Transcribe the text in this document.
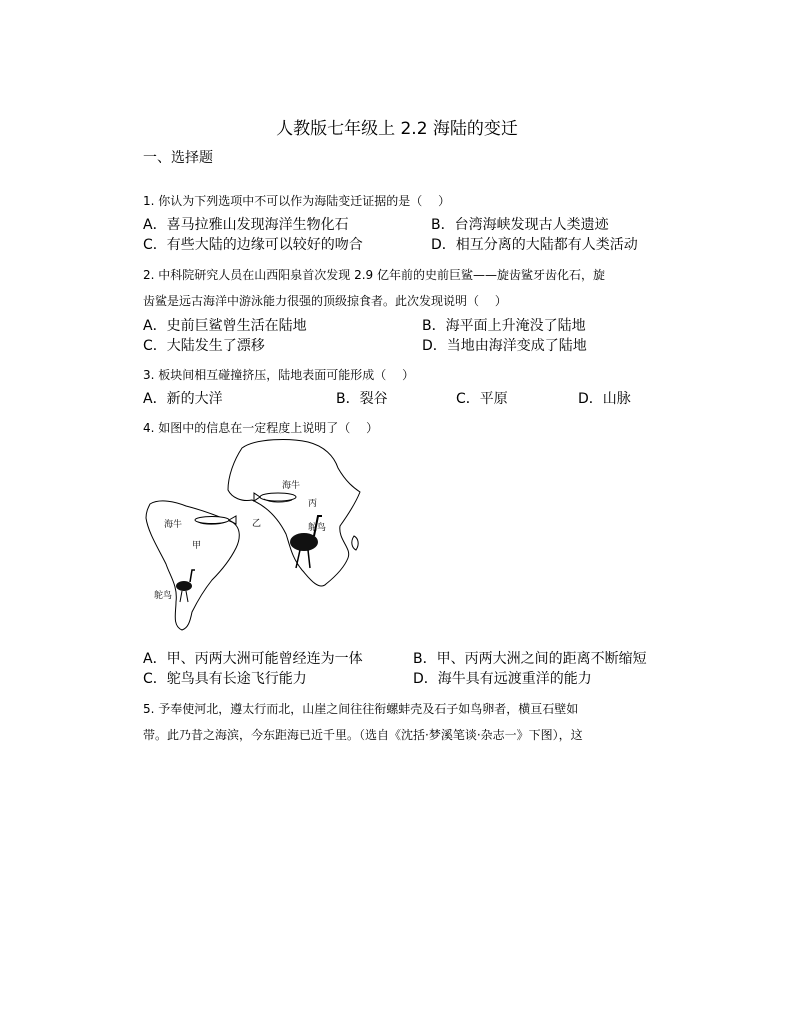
人教版七年级上 2.2 海陆的变迁
一、选择题
1. 你认为下列选项中不可以作为海陆变迁证据的是（　 ）
A．喜马拉雅山发现海洋生物化石	B．台湾海峡发现古人类遗迹
C．有些大陆的边缘可以较好的吻合	D．相互分离的大陆都有人类活动
2. 中科院研究人员在山西阳泉首次发现 2.9 亿年前的史前巨鲨——旋齿鲨牙齿化石，旋
齿鲨是远古海洋中游泳能力很强的顶级掠食者。此次发现说明（　 ）
A．史前巨鲨曾生活在陆地	B．海平面上升淹没了陆地
C．大陆发生了漂移	D．当地由海洋变成了陆地
3. 板块间相互碰撞挤压，陆地表面可能形成（　 ）
A．新的大洋	B．裂谷	C．平原	D．山脉
4. 如图中的信息在一定程度上说明了（　 ）
海牛
丙
乙
海牛	鸵鸟
甲
鸵鸟
A．甲、丙两大洲可能曾经连为一体	B．甲、丙两大洲之间的距离不断缩短
C．鸵鸟具有长途飞行能力	D．海牛具有远渡重洋的能力
5. 予奉使河北，遵太行而北，山崖之间往往衔螺蚌壳及石子如鸟卵者，横亘石壁如
带。此乃昔之海滨，今东距海已近千里。（选自《沈括·梦溪笔谈·杂志一》下图），这
